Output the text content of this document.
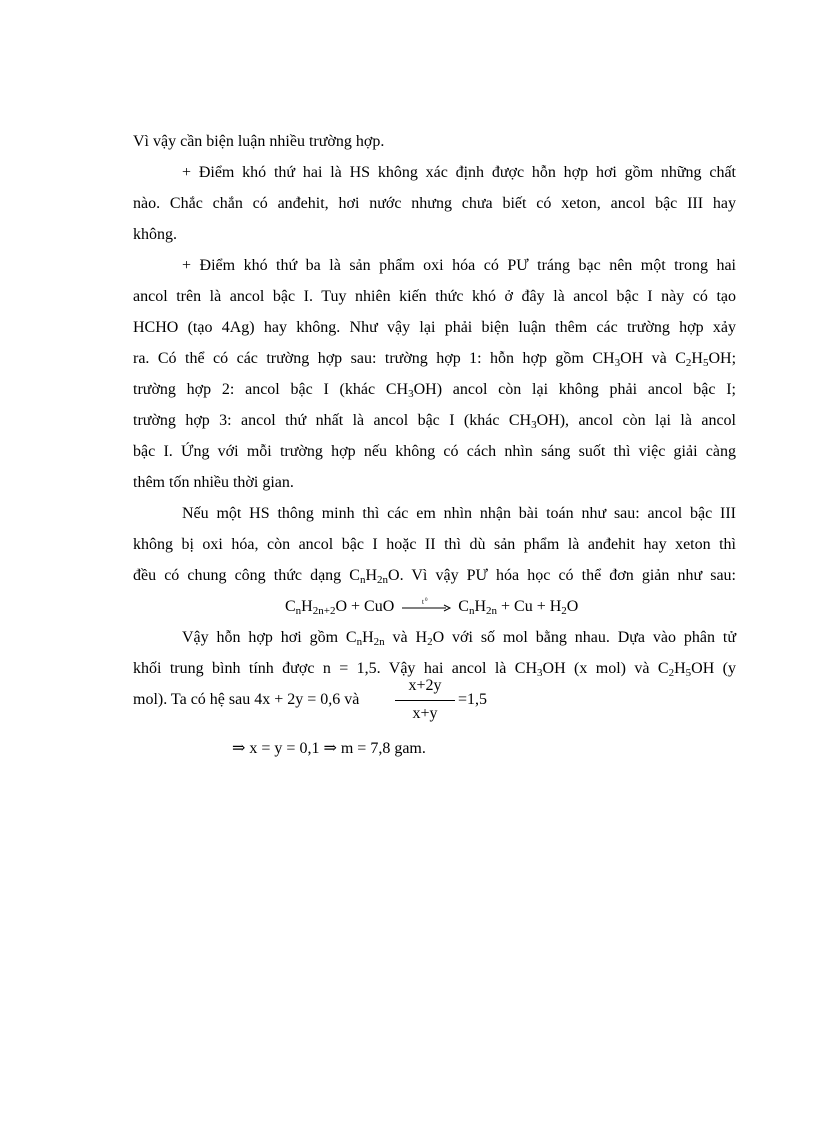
Vì vậy cần biện luận nhiều trường hợp.
+ Điểm khó thứ hai là HS không xác định được hỗn hợp hơi gồm những chất
nào. Chắc chắn có anđehit, hơi nước nhưng chưa biết có xeton, ancol bậc III hay
không.
+ Điểm khó thứ ba là sản phẩm oxi hóa có PƯ tráng bạc nên một trong hai
ancol trên là ancol bậc I. Tuy nhiên kiến thức khó ở đây là ancol bậc I này có tạo
HCHO (tạo 4Ag) hay không. Như vậy lại phải biện luận thêm các trường hợp xảy
ra. Có thể có các trường hợp sau: trường hợp 1: hỗn hợp gồm $CH_3OH$ và $C_2H_5OH$;
trường hợp 2: ancol bậc I (khác $CH_3OH$) ancol còn lại không phải ancol bậc I;
trường hợp 3: ancol thứ nhất là ancol bậc I (khác $CH_3OH$), ancol còn lại là ancol
bậc I. Ứng với mỗi trường hợp nếu không có cách nhìn sáng suốt thì việc giải càng
thêm tốn nhiều thời gian.
Nếu một HS thông minh thì các em nhìn nhận bài toán như sau: ancol bậc III
không bị oxi hóa, còn ancol bậc I hoặc II thì dù sản phẩm là anđehit hay xeton thì
đều có chung công thức dạng $C_nH_{2n}O$. Vì vậy PƯ hóa học có thể đơn giản như sau:
$C_nH_{2n+2}O$ + CuO	t 0 $C_nH_{2n} + Cu + H_2O$
Vậy hỗn hợp hơi gồm $C_nH_{2n}$ và $H_2O$ với số mol bằng nhau. Dựa vào phân tử
khối trung bình tính được n = 1,5. Vậy hai ancol là $CH_3OH$ (x mol) và $C_2H_5OH$ (y
mol). Ta có hệ sau 4x + 2y = 0,6 và
x+2y
x+y
=1,5
⇒ x = y = 0,1 ⇒ m = 7,8 gam.
